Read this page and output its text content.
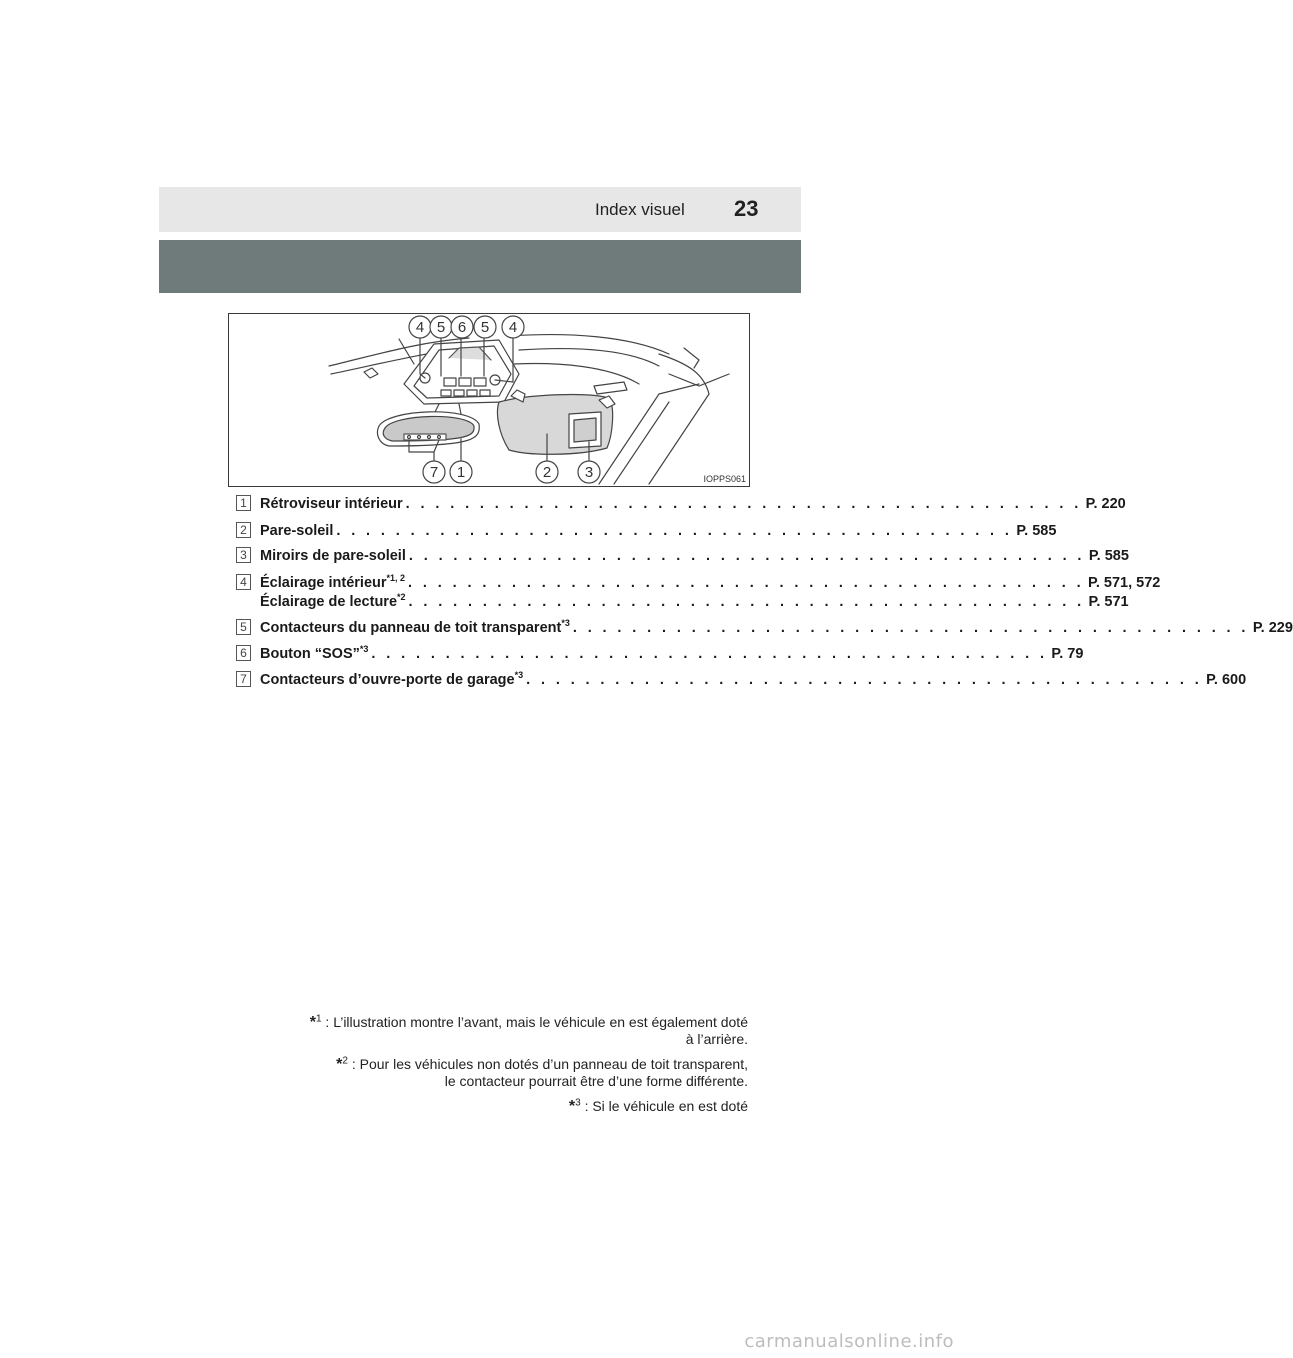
Index visuel 23
4 5 6 5 4
7 1	2 3	IOPPS061
1 Rétroviseur intérieur . . . . . . . . . . . . . . . . . . . . . . . . . . . . . . . . . . . . . . . . . . . . . . P. 220
2 Pare-soleil . . . . . . . . . . . . . . . . . . . . . . . . . . . . . . . . . . . . . . . . . . . . . . P. 585
3 Miroirs de pare-soleil . . . . . . . . . . . . . . . . . . . . . . . . . . . . . . . . . . . . . . . . . . . . . . P. 585
4 Éclairage intérieur$^{*1, 2}$ . . . . . . . . . . . . . . . . . . . . . . . . . . . . . . . . . . . . . . . . . . . . . . P. 571, 572
Éclairage de lecture$^{*2}$ . . . . . . . . . . . . . . . . . . . . . . . . . . . . . . . . . . . . . . . . . . . . . . P. 571
5 Contacteurs du panneau de toit transparent$^{*3}$ . . . . . . . . . . . . . . . . . . . . . . . . . . . . . . . . . . . . . . . . . . . . . . P. 229
6 Bouton “SOS”$^{*3}$ . . . . . . . . . . . . . . . . . . . . . . . . . . . . . . . . . . . . . . . . . . . . . . P. 79
7 Contacteurs d’ouvre-porte de garage$^{*3}$ . . . . . . . . . . . . . . . . . . . . . . . . . . . . . . . . . . . . . . . . . . . . . . P. 600
*$^1$ : L’illustration montre l’avant, mais le véhicule en est également doté
à l’arrière.
*$^2$ : Pour les véhicules non dotés d’un panneau de toit transparent,
le contacteur pourrait être d’une forme différente.
*$^3$ : Si le véhicule en est doté
carmanualsonline.info
